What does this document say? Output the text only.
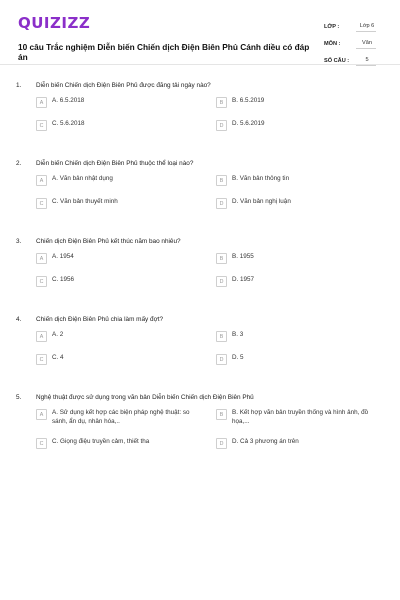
QUIZIZZ
10 câu Trắc nghiệm Diễn biến Chiến dịch Điện Biên Phủ Cánh diều có đáp án
LỚP :	Lớp 6
MÔN :	Văn
SỐ CÂU :	5
1.	Diễn biến Chiến dịch Điện Biên Phủ được đăng tải ngày nào?
A	A. 6.5.2018	B	B. 6.5.2019
C	C. 5.6.2018	D	D. 5.6.2019
2.	Diễn biến Chiến dịch Điện Biên Phủ thuộc thể loại nào?
A	A. Văn bản nhật dụng	B	B. Văn bản thông tin
C	C. Văn bản thuyết minh	D	D. Văn bản nghị luận
3.	Chiến dịch Điện Biên Phủ kết thúc năm bao nhiêu?
A	A. 1954	B	B. 1955
C	C. 1956	D	D. 1957
4.	Chiến dịch Điện Biên Phủ chia làm mấy đợt?
A	A. 2	B	B. 3
C	C. 4	D	D. 5
5.	Nghệ thuật được sử dụng trong văn bản Diễn biến Chiến dịch Điện Biên Phủ
A	A. Sử dụng kết hợp các biện pháp nghệ thuật: so sánh, ẩn dụ, nhân hóa,..
B	B. Kết hợp văn bản truyền thống và hình ảnh, đồ họa,...
C	C. Giọng điệu truyền cảm, thiết tha	D	D. Cả 3 phương án trên
